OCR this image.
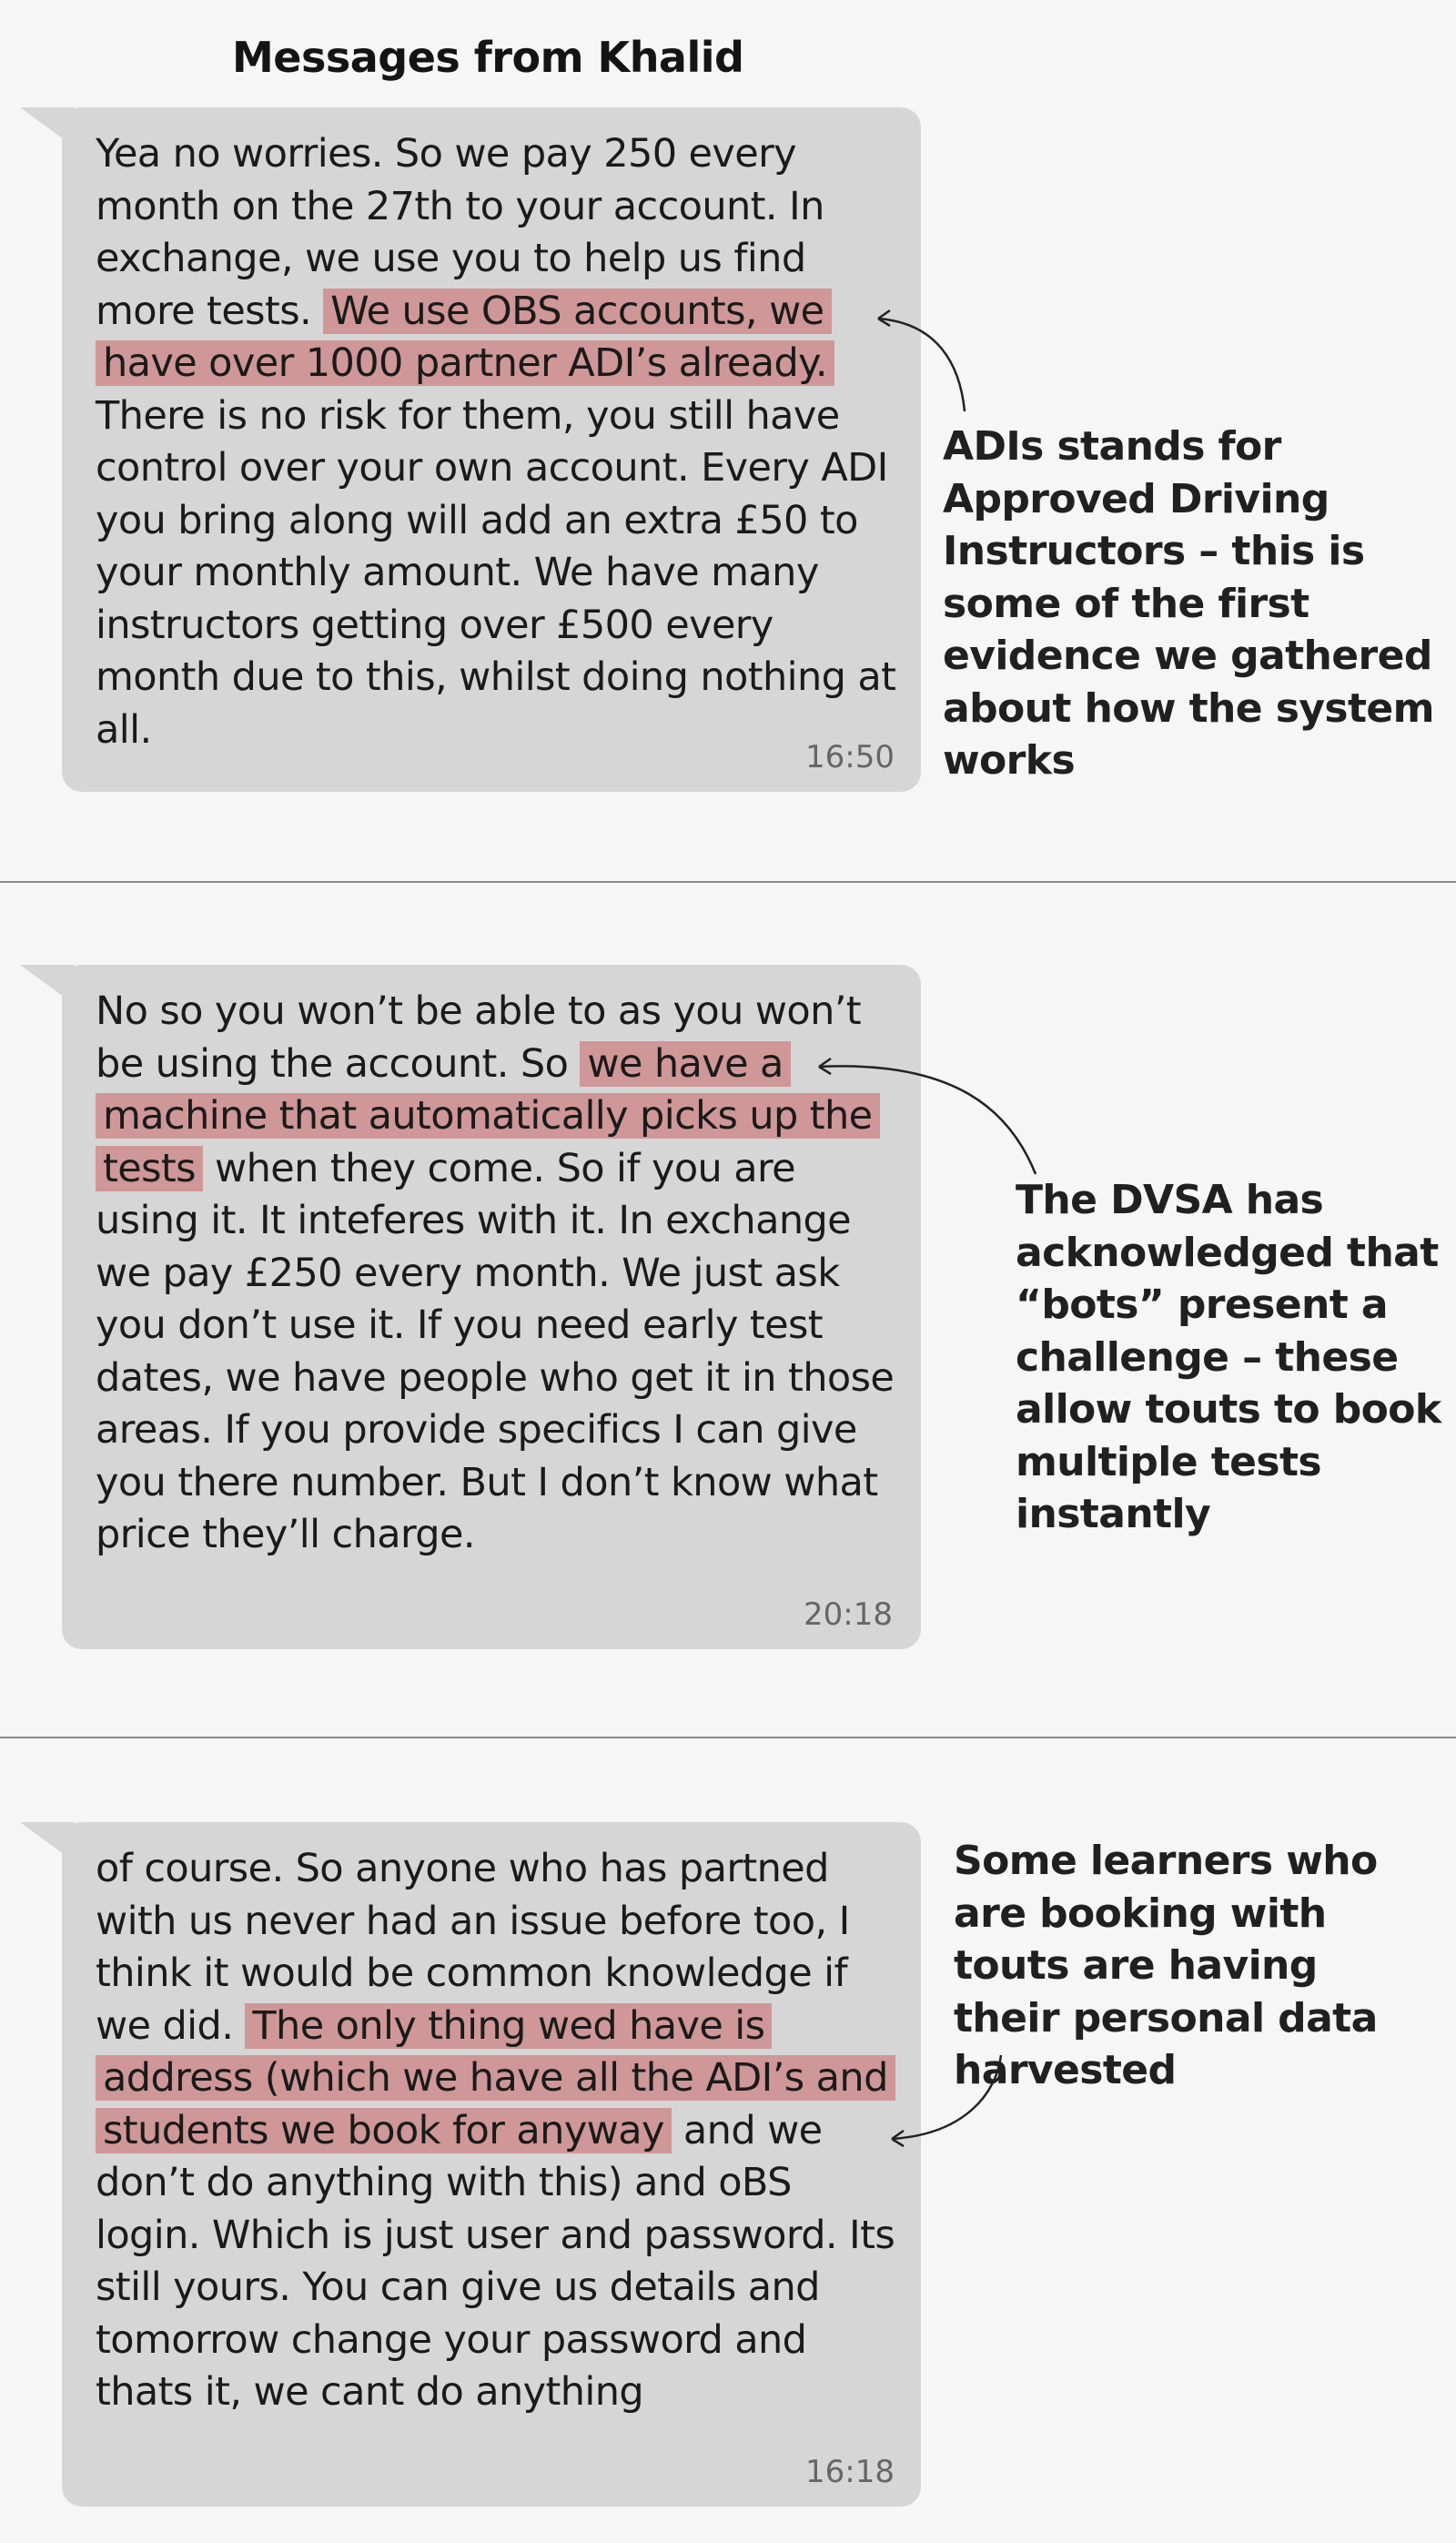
Messages from Khalid

Yea no worries. So we pay 250 every month on the 27th to your account. In exchange, we use you to help us find more tests. We use OBS accounts, we have over 1000 partner ADI’s already. There is no risk for them, you still have control over your own account. Every ADI you bring along will add an extra £50 to your monthly amount. We have many instructors getting over £500 every month due to this, whilst doing nothing at all.

16:50

ADIs stands for Approved Driving Instructors – this is some of the first evidence we gathered about how the system works

No so you won’t be able to as you won’t be using the account. So we have a machine that automatically picks up the tests when they come. So if you are using it. It inteferes with it. In exchange we pay £250 every month. We just ask you don’t use it. If you need early test dates, we have people who get it in those areas. If you provide specifics I can give you there number. But I don’t know what price they’ll charge.

20:18

The DVSA has acknowledged that “bots” present a challenge – these allow touts to book multiple tests instantly

of course. So anyone who has partned with us never had an issue before too, I think it would be common knowledge if we did. The only thing wed have is address (which we have all the ADI’s and students we book for anyway and we don’t do anything with this) and oBS login. Which is just user and password. Its still yours. You can give us details and tomorrow change your password and thats it, we cant do anything

16:18

Some learners who are booking with touts are having their personal data harvested
